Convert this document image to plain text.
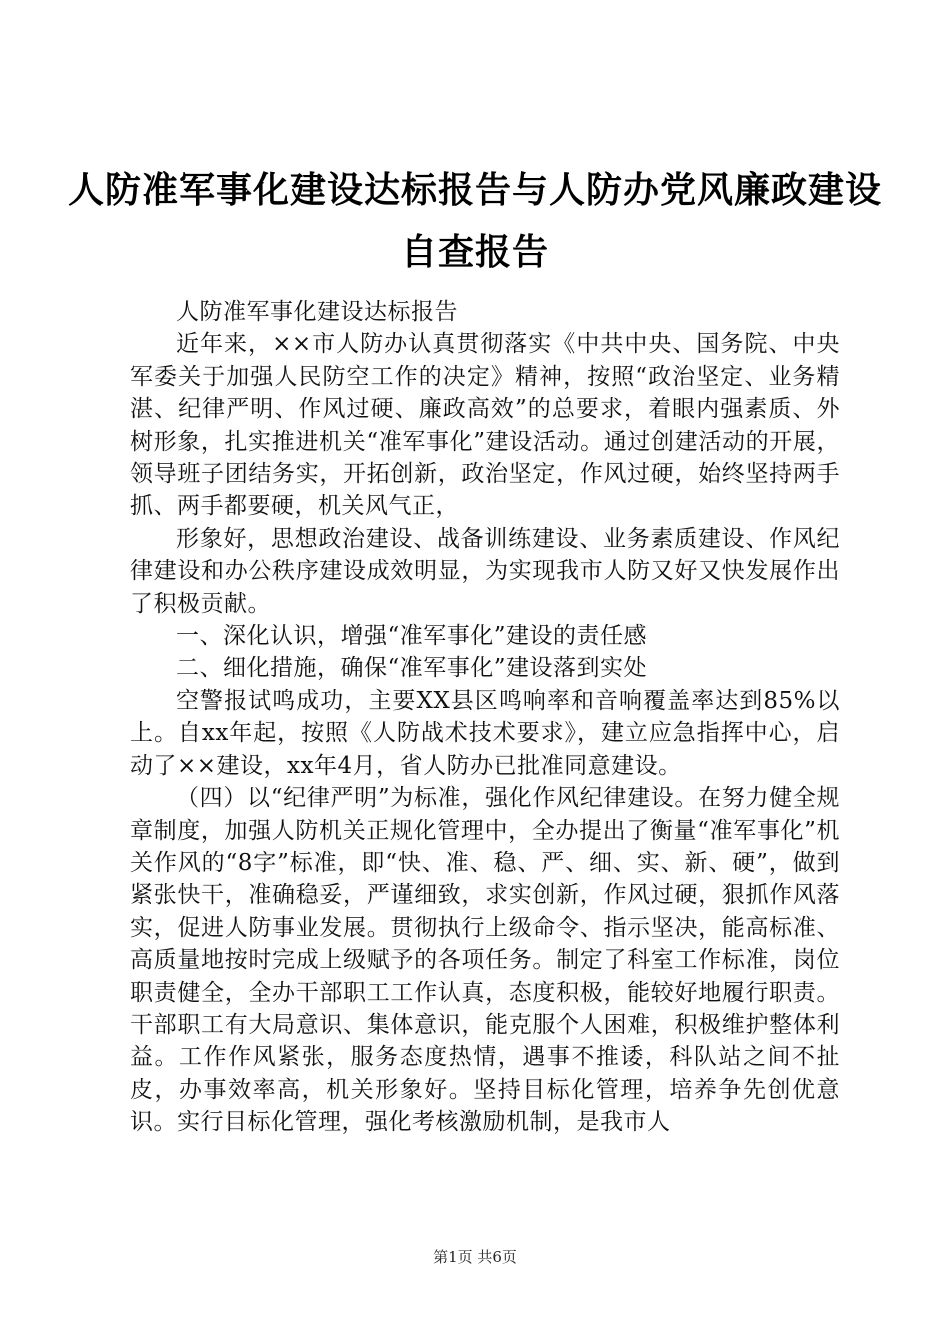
人防准军事化建设达标报告与人防办党风廉政建设自查报告

人防准军事化建设达标报告

近年来，××市人防办认真贯彻落实《中共中央、国务院、中央军委关于加强人民防空工作的决定》精神，按照“政治坚定、业务精湛、纪律严明、作风过硬、廉政高效”的总要求，着眼内强素质、外树形象，扎实推进机关“准军事化”建设活动。通过创建活动的开展，领导班子团结务实，开拓创新，政治坚定，作风过硬，始终坚持两手抓、两手都要硬，机关风气正，

形象好，思想政治建设、战备训练建设、业务素质建设、作风纪律建设和办公秩序建设成效明显，为实现我市人防又好又快发展作出了积极贡献。

一、深化认识，增强“准军事化”建设的责任感

二、细化措施，确保“准军事化”建设落到实处

空警报试鸣成功，主要XX县区鸣响率和音响覆盖率达到85%以上。自xx年起，按照《人防战术技术要求》，建立应急指挥中心，启动了××建设，xx年4月，省人防办已批准同意建设。

（四）以“纪律严明”为标准，强化作风纪律建设。在努力健全规章制度，加强人防机关正规化管理中，全办提出了衡量“准军事化”机关作风的“8字”标准，即“快、准、稳、严、细、实、新、硬”，做到紧张快干，准确稳妥，严谨细致，求实创新，作风过硬，狠抓作风落实，促进人防事业发展。贯彻执行上级命令、指示坚决，能高标准、高质量地按时完成上级赋予的各项任务。制定了科室工作标准，岗位职责健全，全办干部职工工作认真，态度积极，能较好地履行职责。干部职工有大局意识、集体意识，能克服个人困难，积极维护整体利益。工作作风紧张，服务态度热情，遇事不推诿，科队站之间不扯皮，办事效率高，机关形象好。坚持目标化管理，培养争先创优意识。实行目标化管理，强化考核激励机制，是我市人

第1页 共6页
